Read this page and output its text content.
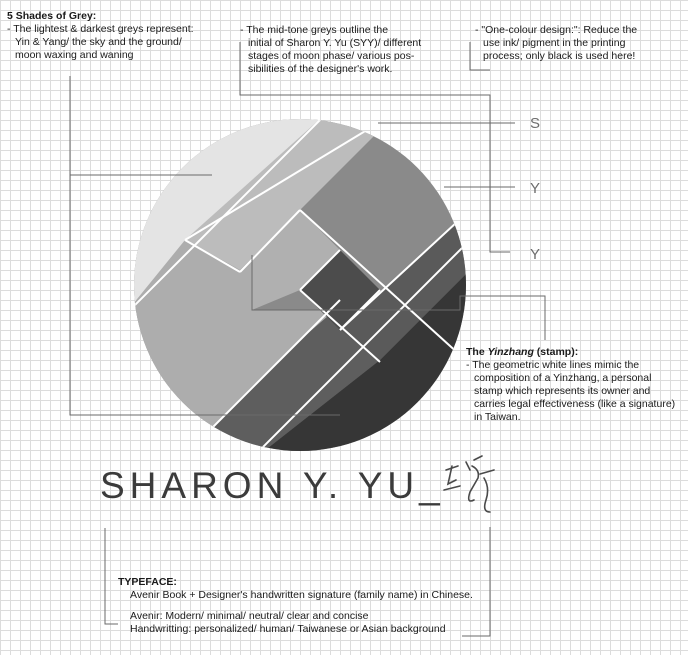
S
Y
Y
SHARON Y. YU_
5 Shades of Grey:
- The lightest & darkest greys represent:
Yin & Yang/ the sky and the ground/
moon waxing and waning
- The mid-tone greys outline the
initial of Sharon Y. Yu (SYY)/ different
stages of moon phase/ various pos-
sibilities of the designer's work.
- "One-colour design:": Reduce the
use ink/ pigment in the printing
process; only black is used here!
The Yinzhang (stamp):
- The geometric white lines mimic the
composition of a Yinzhang, a personal
stamp which represents its owner and
carries legal effectiveness (like a signature)
in Taiwan.
TYPEFACE:
Avenir Book + Designer's handwritten signature (family name) in Chinese.
Avenir: Modern/ minimal/ neutral/ clear and concise
Handwritting: personalized/ human/ Taiwanese or Asian background
